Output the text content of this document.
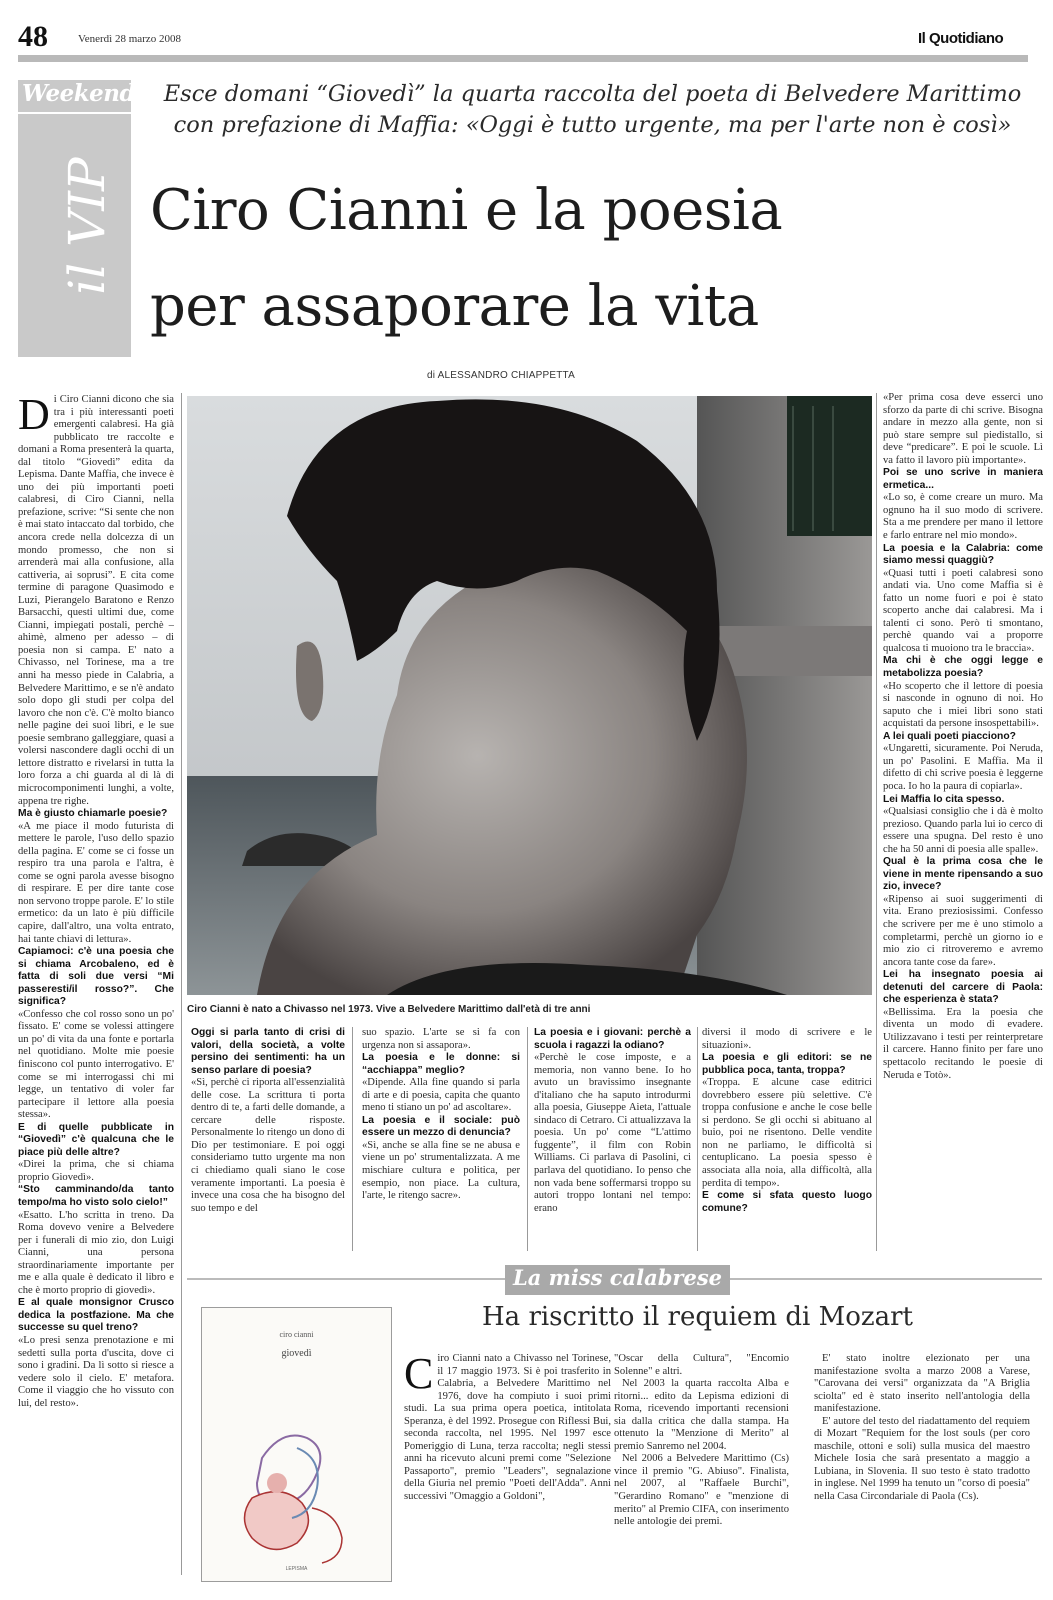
48	Venerdì 28 marzo 2008	Il Quotidiano
Weekend
il VIP
Esce domani “Giovedì” la quarta raccolta del poeta di Belvedere Marittimo
con prefazione di Maffia: «Oggi è tutto urgente, ma per l'arte non è così»
Ciro Cianni e la poesia
per assaporare la vita
di ALESSANDRO CHIAPPETTA
Ciro Cianni è nato a Chivasso nel 1973. Vive a Belvedere Marittimo dall'età di tre anni
D i Ciro Cianni dicono che sia tra i più interessanti poeti emergenti calabresi. Ha già pubblicato tre raccolte e domani a Roma presenterà la quarta, dal titolo “Giovedì” edita da Lepisma. Dante Maffia, che invece è uno dei più importanti poeti calabresi, di Ciro Cianni, nella prefazione, scrive: “Si sente che non è mai stato intaccato dal torbido, che ancora crede nella dolcezza di un mondo promesso, che non si arrenderà mai alla confusione, alla cattiveria, ai soprusi”. E cita come termine di paragone Quasimodo e Luzi, Pierangelo Baratono e Renzo Barsacchi, questi ultimi due, come Cianni, impiegati postali, perchè – ahimè, almeno per adesso – di poesia non si campa. E' nato a Chivasso, nel Torinese, ma a tre anni ha messo piede in Calabria, a Belvedere Marittimo, e se n'è andato solo dopo gli studi per colpa del lavoro che non c'è. C'è molto bianco nelle pagine dei suoi libri, e le sue poesie sembrano galleggiare, quasi a volersi nascondere dagli occhi di un lettore distratto e rivelarsi in tutta la loro forza a chi guarda al di là di microcomponimenti lunghi, a volte, appena tre righe.

Ma è giusto chiamarle poesie?

«A me piace il modo futurista di mettere le parole, l'uso dello spazio della pagina. E' come se ci fosse un respiro tra una parola e l'altra, è come se ogni parola avesse bisogno di respirare. E per dire tante cose non servono troppe parole. E' lo stile ermetico: da un lato è più difficile capire, dall'altro, una volta entrato, hai tante chiavi di lettura».

Capiamoci: c'è una poesia che si chiama Arcobaleno, ed è fatta di soli due versi “Mi passeresti/il rosso?”. Che significa?

«Confesso che col rosso sono un po' fissato. E' come se volessi attingere un po' di vita da una fonte e portarla nel quotidiano. Molte mie poesie finiscono col punto interrogativo. E' come se mi interrogassi chi mi legge, un tentativo di voler far partecipare il lettore alla poesia stessa».

E di quelle pubblicate in “Giovedì” c'è qualcuna che le piace più delle altre?

«Direi la prima, che si chiama proprio Giovedì».

“Sto camminando/da tanto tempo/ma ho visto solo cielo!”

«Esatto. L'ho scritta in treno. Da Roma dovevo venire a Belvedere per i funerali di mio zio, don Luigi Cianni, una persona straordinariamente importante per me e alla quale è dedicato il libro e che è morto proprio di giovedì».

E al quale monsignor Crusco dedica la postfazione. Ma che successe su quel treno?

«Lo presi senza prenotazione e mi sedetti sulla porta d'uscita, dove ci sono i gradini. Da lì sotto si riesce a vedere solo il cielo. E' metafora. Come il viaggio che ho vissuto con lui, del resto».

Oggi si parla tanto di crisi di valori, della società, a volte persino dei sentimenti: ha un senso parlare di poesia?

«Sì, perchè ci riporta all'essenzialità delle cose. La scrittura ti porta dentro di te, a farti delle domande, a cercare delle risposte. Personalmente lo ritengo un dono di Dio per testimoniare. E poi oggi consideriamo tutto urgente ma non ci chiediamo quali siano le cose veramente importanti. La poesia è invece una cosa che ha bisogno del suo tempo e del

suo spazio. L'arte se si fa con urgenza non si assapora».

La poesia e le donne: si “acchiappa” meglio?

«Dipende. Alla fine quando si parla di arte e di poesia, capita che quanto meno ti stiano un po' ad ascoltare».

La poesia e il sociale: può essere un mezzo di denuncia?

«Sì, anche se alla fine se ne abusa e viene un po' strumentalizzata. A me mischiare cultura e politica, per esempio, non piace. La cultura, l'arte, le ritengo sacre».

La poesia e i giovani: perchè a scuola i ragazzi la odiano?

«Perchè le cose imposte, e a memoria, non vanno bene. Io ho avuto un bravissimo insegnante d'italiano che ha saputo introdurmi alla poesia, Giuseppe Aieta, l'attuale sindaco di Cetraro. Ci attualizzava la poesia. Un po' come “L'attimo fuggente”, il film con Robin Williams. Ci parlava di Pasolini, ci parlava del quotidiano. Io penso che non vada bene soffermarsi troppo su autori troppo lontani nel tempo: erano

diversi il modo di scrivere e le situazioni».

La poesia e gli editori: se ne pubblica poca, tanta, troppa?

«Troppa. E alcune case editrici dovrebbero essere più selettive. C'è troppa confusione e anche le cose belle si perdono. Se gli occhi si abituano al buio, poi ne risentono. Delle vendite non ne parliamo, le difficoltà si centuplicano. La poesia spesso è associata alla noia, alla difficoltà, alla perdita di tempo».

E come si sfata questo luogo comune?

«Per prima cosa deve esserci uno sforzo da parte di chi scrive. Bisogna andare in mezzo alla gente, non si può stare sempre sul piedistallo, si deve “predicare”. E poi le scuole. Lì va fatto il lavoro più importante».

Poi se uno scrive in maniera ermetica...

«Lo so, è come creare un muro. Ma ognuno ha il suo modo di scrivere. Sta a me prendere per mano il lettore e farlo entrare nel mio mondo».

La poesia e la Calabria: come siamo messi quaggiù?

«Quasi tutti i poeti calabresi sono andati via. Uno come Maffia si è fatto un nome fuori e poi è stato scoperto anche dai calabresi. Ma i talenti ci sono. Però ti smontano, perchè quando vai a proporre qualcosa ti muoiono tra le braccia».

Ma chi è che oggi legge e metabolizza poesia?

«Ho scoperto che il lettore di poesia si nasconde in ognuno di noi. Ho saputo che i miei libri sono stati acquistati da persone insospettabili».

A lei quali poeti piacciono?

«Ungaretti, sicuramente. Poi Neruda, un po' Pasolini. E Maffia. Ma il difetto di chi scrive poesia è leggerne poca. Io ho la paura di copiarla».

Lei Maffia lo cita spesso.

«Qualsiasi consiglio che i dà è molto prezioso. Quando parla lui io cerco di essere una spugna. Del resto è uno che ha 50 anni di poesia alle spalle».

Qual è la prima cosa che le viene in mente ripensando a suo zio, invece?

«Ripenso ai suoi suggerimenti di vita. Erano preziosissimi. Confesso che scrivere per me è uno stimolo a completarmi, perchè un giorno io e mio zio ci ritroveremo e avremo ancora tante cose da fare».

Lei ha insegnato poesia ai detenuti del carcere di Paola: che esperienza è stata?

«Bellissima. Era la poesia che diventa un modo di evadere. Utilizzavano i testi per reinterpretare il carcere. Hanno finito per fare uno spettacolo recitando le poesie di Neruda e Totò».

La miss calabrese
Ha riscritto il requiem di Mozart
ciro cianni
giovedì
LEPISMA
C iro Cianni nato a Chivasso nel Torinese, il 17 maggio 1973. Si è poi trasferito in Calabria, a Belvedere Marittimo nel 1976, dove ha compiuto i suoi primi studi. La sua prima opera poetica, intitolata Speranza, è del 1992. Prosegue con Riflessi Bui, seconda raccolta, nel 1995. Nel 1997 esce Pomeriggio di Luna, terza raccolta; negli stessi anni ha ricevuto alcuni premi come "Selezione Passaporto", premio "Leaders", segnalazione della Giuria nel premio "Poeti dell'Adda". Anni successivi "Omaggio a Goldoni",

"Oscar della Cultura", "Encomio Solenne" e altri.

Nel 2003 la quarta raccolta Alba e ritorni... edito da Lepisma edizioni di Roma, ricevendo importanti recensioni sia dalla critica che dalla stampa. Ha ottenuto la "Menzione di Merito" al premio Sanremo nel 2004.

Nel 2006 a Belvedere Marittimo (Cs) vince il premio "G. Abiuso". Finalista, nel 2007, al "Raffaele Burchi", "Gerardino Romano" e "menzione di merito" al Premio CIFA, con inserimento nelle antologie dei premi.

E' stato inoltre elezionato per una manifestazione svolta a marzo 2008 a Varese, "Carovana dei versi" organizzata da "A Briglia sciolta" ed è stato inserito nell'antologia della manifestazione.

E' autore del testo del riadattamento del requiem di Mozart "Requiem for the lost souls (per coro maschile, ottoni e soli) sulla musica del maestro Michele Iosia che sarà presentato a maggio a Lubiana, in Slovenia. Il suo testo è stato tradotto in inglese. Nel 1999 ha tenuto un "corso di poesia" nella Casa Circondariale di Paola (Cs).
